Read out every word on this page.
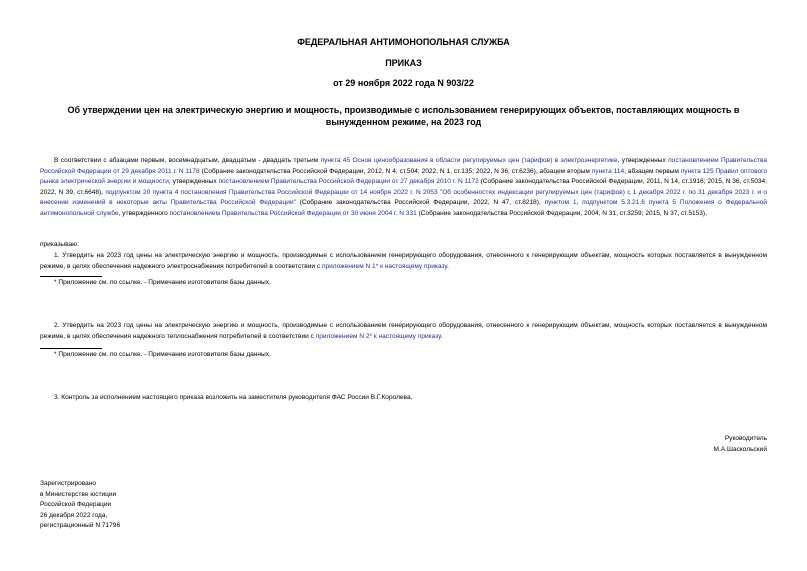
ФЕДЕРАЛЬНАЯ АНТИМОНОПОЛЬНАЯ СЛУЖБА
ПРИКАЗ
от 29 ноября 2022 года N 903/22
Об утверждении цен на электрическую энергию и мощность, производимые с использованием генерирующих объектов, поставляющих мощность в вынужденном режиме, на 2023 год
В соответствии с абзацами первым, восемнадцатым, двадцатым - двадцать третьим пункта 45 Основ ценообразования в области регулируемых цен (тарифов) в электроэнергетике, утвержденных постановлением Правительства Российской Федерации от 29 декабря 2011 г. N 1178 (Собрание законодательства Российской Федерации, 2012, N 4, ст.504; 2022, N 1, ст.135; 2022, N 36, ст.6236), абзацем вторым пункта 114, абзацем первым пункта 125 Правил оптового рынка электрической энергии и мощности, утвержденных постановлением Правительства Российской Федерации от 27 декабря 2010 г. N 1172 (Собрание законодательства Российской Федерации, 2011, N 14, ст.1916; 2015, N 36, ст.5034; 2022, N 39, ст.6648), подпунктом 20 пункта 4 постановления Правительства Российской Федерации от 14 ноября 2022 г. N 2053 "Об особенностях индексации регулируемых цен (тарифов) с 1 декабря 2022 г. по 31 декабря 2023 г. и о внесении изменений в некоторые акты Правительства Российской Федерации" (Собрание законодательства Российской Федерации, 2022, N 47, ст.8218), пунктом 1, подпунктом 5.3.21.6 пункта 5 Положения о Федеральной антимонопольной службе, утвержденного постановлением Правительства Российской Федерации от 30 июня 2004 г. N 331 (Собрание законодательства Российской Федерации, 2004, N 31, ст.3259; 2015, N 37, ст.5153),
приказываю:
1. Утвердить на 2023 год цены на электрическую энергию и мощность, производимые с использованием генерирующего оборудования, отнесенного к генерирующим объектам, мощность которых поставляется в вынужденном режиме, в целях обеспечения надежного электроснабжения потребителей в соответствии с приложением N 1* к настоящему приказу.
* Приложение см. по ссылке. - Примечание изготовителя базы данных.
2. Утвердить на 2023 год цены на электрическую энергию и мощность, производимые с использованием генерирующего оборудования, отнесенного к генерирующим объектам, мощность которых поставляется в вынужденном режиме, в целях обеспечения надежного теплоснабжения потребителей в соответствии с приложением N 2* к настоящему приказу.
* Приложение см. по ссылке. - Примечание изготовителя базы данных.
3. Контроль за исполнением настоящего приказа возложить на заместителя руководителя ФАС России В.Г.Королева.
Руководитель
М.А.Шаскольский
Зарегистрировано
в Министерстве юстиции
Российской Федерации
26 декабря 2022 года,
регистрационный N 71796
